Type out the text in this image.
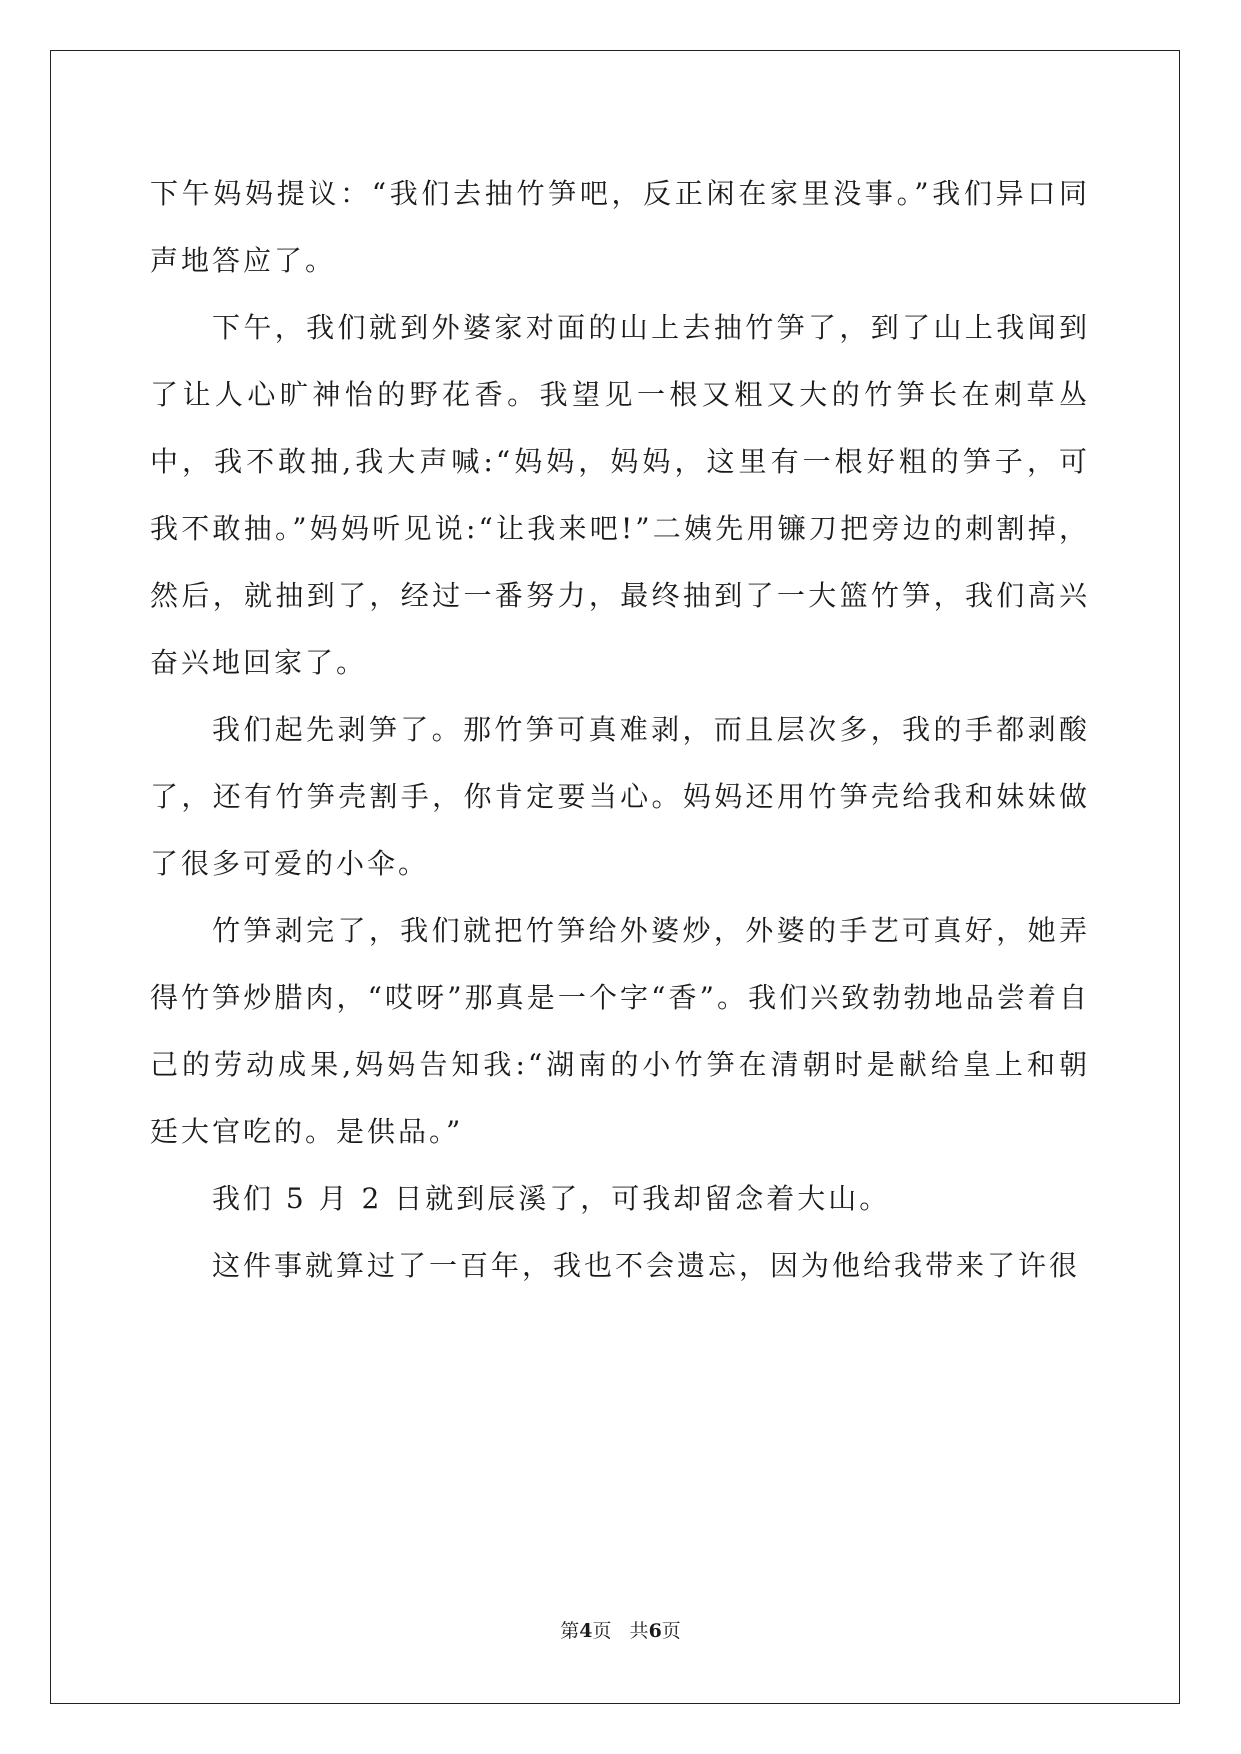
下午妈妈提议：“我们去抽竹笋吧，反正闲在家里没事。”我们异口同声地答应了。

下午，我们就到外婆家对面的山上去抽竹笋了，到了山上我闻到了让人心旷神怡的野花香。我望见一根又粗又大的竹笋长在刺草丛中，我不敢抽,我大声喊:“妈妈，妈妈，这里有一根好粗的笋子，可我不敢抽。”妈妈听见说:“让我来吧!”二姨先用镰刀把旁边的刺割掉，然后，就抽到了，经过一番努力，最终抽到了一大篮竹笋，我们高兴奋兴地回家了。

我们起先剥笋了。那竹笋可真难剥，而且层次多，我的手都剥酸了，还有竹笋壳割手，你肯定要当心。妈妈还用竹笋壳给我和妹妹做了很多可爱的小伞。

竹笋剥完了，我们就把竹笋给外婆炒，外婆的手艺可真好，她弄得竹笋炒腊肉，“哎呀”那真是一个字“香”。我们兴致勃勃地品尝着自己的劳动成果,妈妈告知我:“湖南的小竹笋在清朝时是献给皇上和朝廷大官吃的。是供品。”

我们 5 月 2 日就到辰溪了，可我却留念着大山。

这件事就算过了一百年，我也不会遗忘，因为他给我带来了许很

第4页   共6页
